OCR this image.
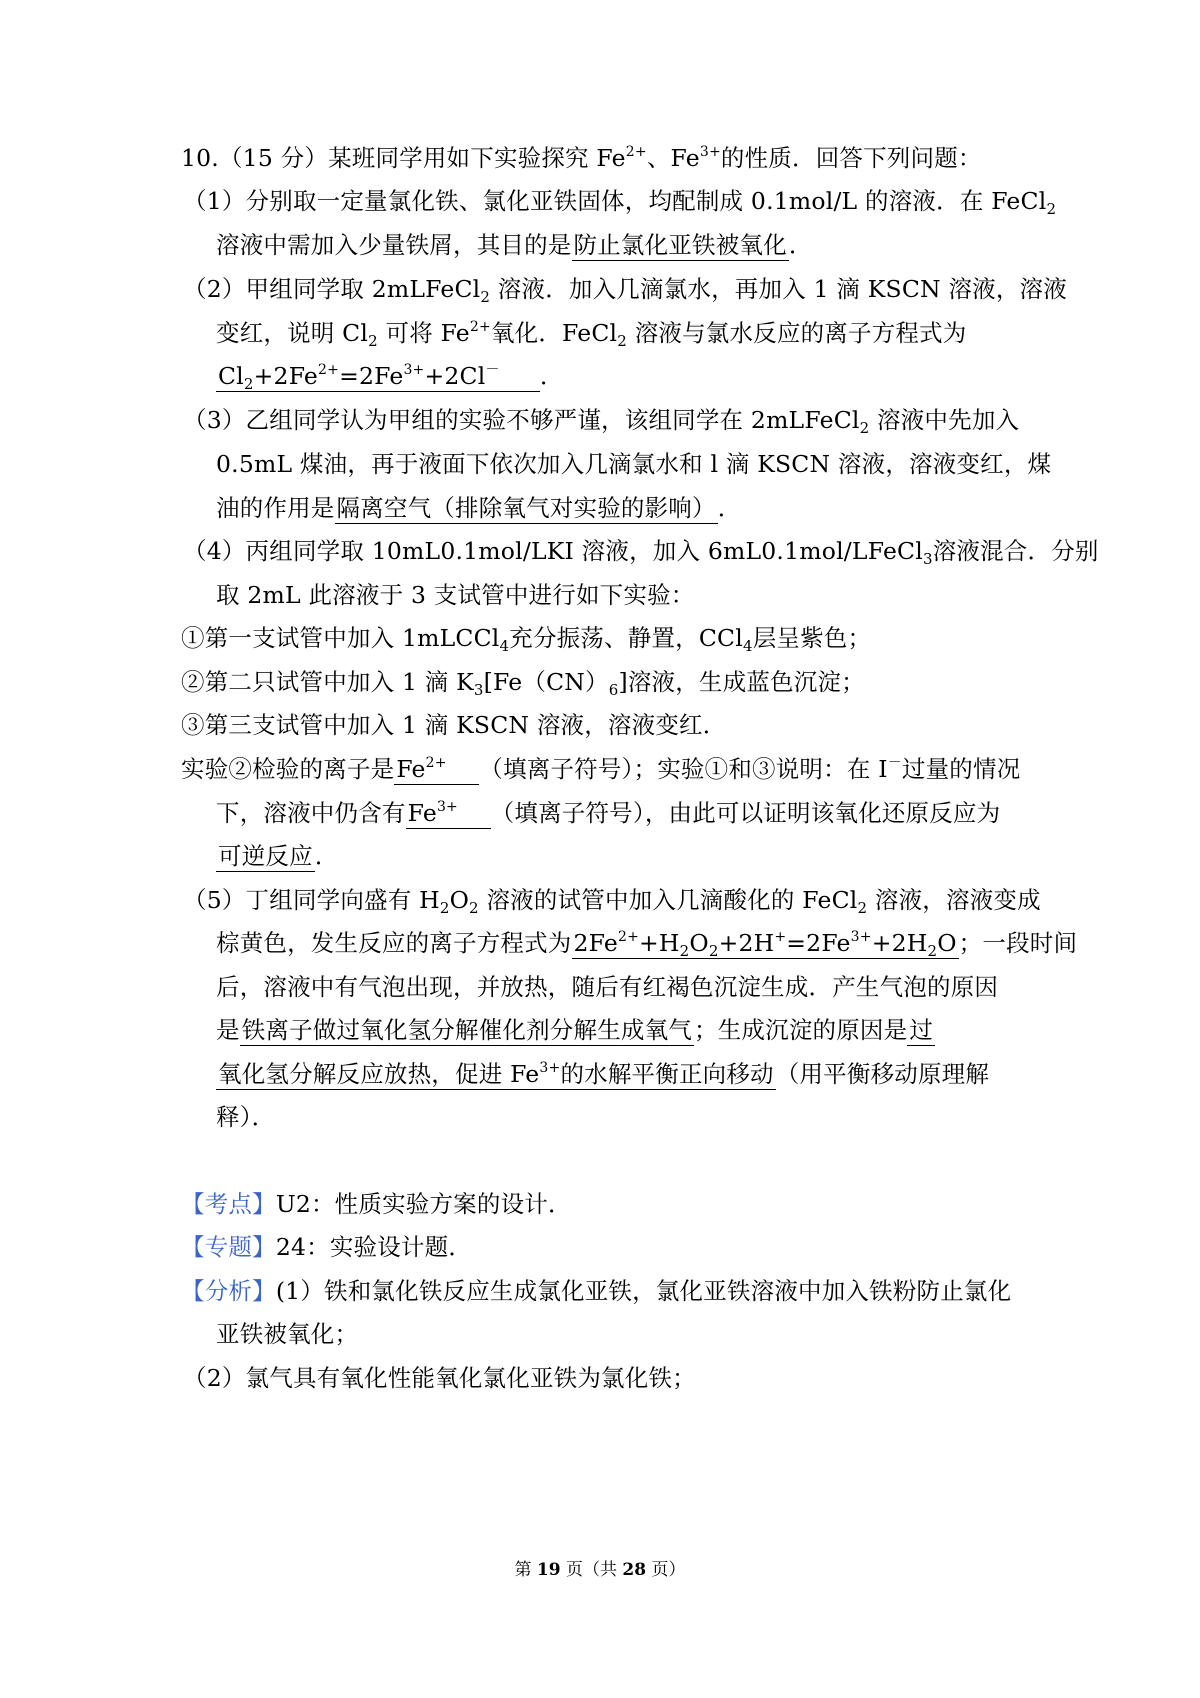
10.（15 分）某班同学用如下实验探究 $Fe^{2+}$、$Fe^{3+}$的性质．回答下列问题：
（1）分别取一定量氯化铁、氯化亚铁固体，均配制成 0.1mol/L 的溶液．在 FeCl$_2$
溶液中需加入少量铁屑，其目的是防止氯化亚铁被氧化．
（2）甲组同学取 2mLFeCl$_2$ 溶液．加入几滴氯水，再加入 1 滴 KSCN 溶液，溶液
变红，说明 $Cl_2$ 可将 $Fe^{2+}$氧化．FeCl$_2$ 溶液与氯水反应的离子方程式为
$Cl_2+2Fe^{2+}=2Fe^{3+}+2Cl^-$ ．
（3）乙组同学认为甲组的实验不够严谨，该组同学在 2mLFeCl$_2$ 溶液中先加入
0.5mL 煤油，再于液面下依次加入几滴氯水和 l 滴 KSCN 溶液，溶液变红，煤
油的作用是隔离空气（排除氧气对实验的影响）．
（4）丙组同学取 10mL0.1mol/LKI 溶液，加入 6mL0.1mol/LFeCl$_3$溶液混合．分别
取 2mL 此溶液于 3 支试管中进行如下实验：
①第一支试管中加入 1mLCCl$_4$充分振荡、静置，CCl$_4$层呈紫色；
②第二只试管中加入 1 滴 $K_3[Fe(CN)_6]$溶液，生成蓝色沉淀；
③第三支试管中加入 1 滴 KSCN 溶液，溶液变红．
实验②检验的离子是$Fe^{2+}$ （填离子符号）；实验①和③说明：在 I－过量的情况
下，溶液中仍含有$Fe^{3+}$ （填离子符号），由此可以证明该氧化还原反应为
可逆反应．
（5）丁组同学向盛有 $H_2O_2$ 溶液的试管中加入几滴酸化的 FeCl$_2$ 溶液，溶液变成
棕黄色，发生反应的离子方程式为$2Fe^{2+}+H_2O_2+2H^+=2Fe^{3+}+2H_2O$；一段时间
后，溶液中有气泡出现，并放热，随后有红褐色沉淀生成．产生气泡的原因
是铁离子做过氧化氢分解催化剂分解生成氧气；生成沉淀的原因是过
氧化氢分解反应放热，促进 $Fe^{3+}$的水解平衡正向移动（用平衡移动原理解
释）．
【考点】U2：性质实验方案的设计．
【专题】24：实验设计题．
【分析】(1）铁和氯化铁反应生成氯化亚铁，氯化亚铁溶液中加入铁粉防止氯化
亚铁被氧化；
（2）氯气具有氧化性能氧化氯化亚铁为氯化铁；
第 19 页（共 28 页）
